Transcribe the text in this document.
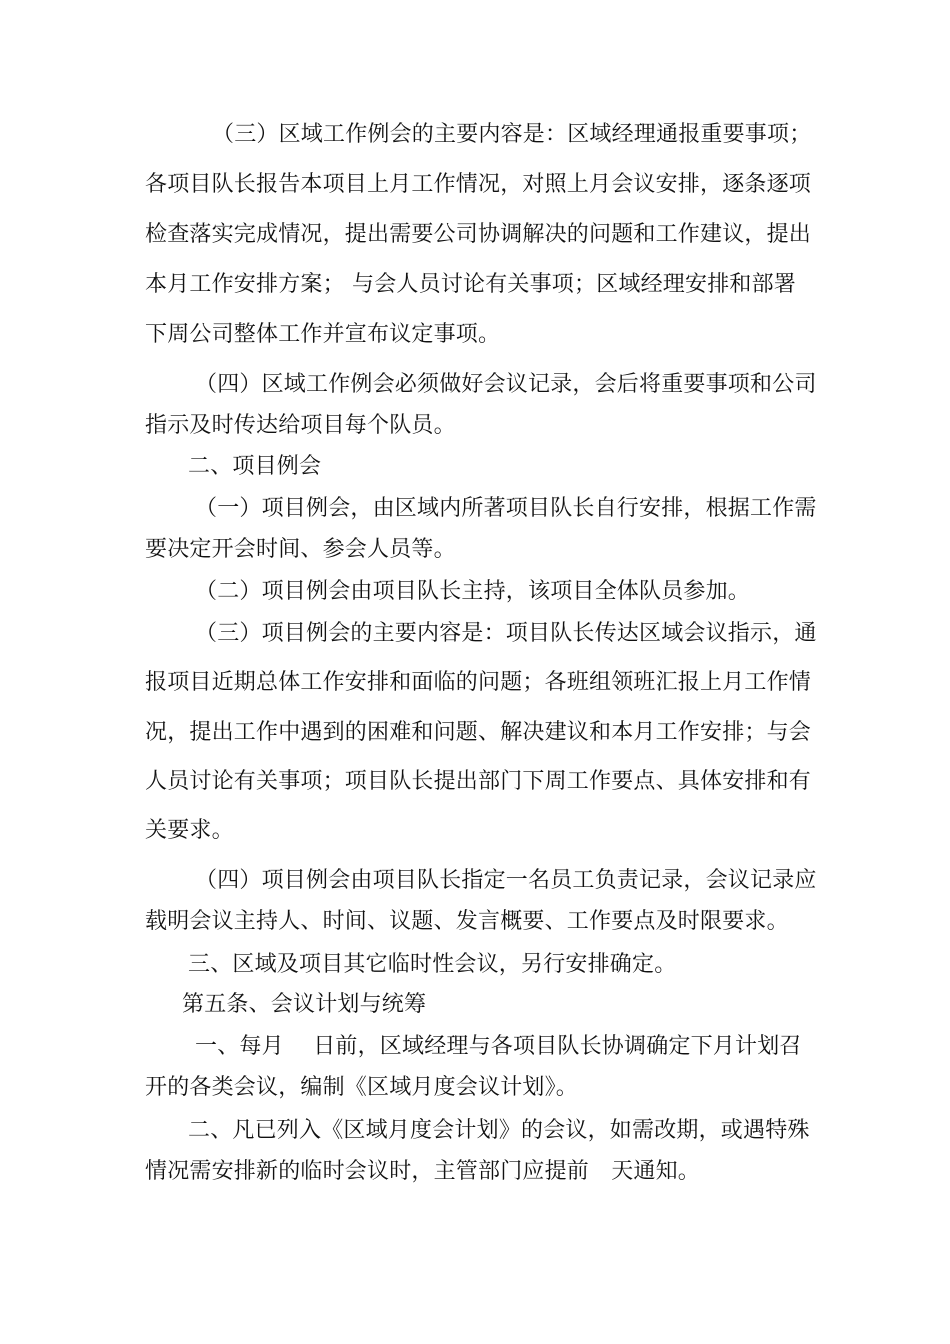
（三）区域工作例会的主要内容是：区域经理通报重要事项；
各项目队长报告本项目上月工作情况，对照上月会议安排，逐条逐项
检查落实完成情况，提出需要公司协调解决的问题和工作建议，提出
本月工作安排方案； 与会人员讨论有关事项；区域经理安排和部署
下周公司整体工作并宣布议定事项。
（四）区域工作例会必须做好会议记录，会后将重要事项和公司
指示及时传达给项目每个队员。
二、项目例会
（一）项目例会，由区域内所著项目队长自行安排，根据工作需
要决定开会时间、参会人员等。
（二）项目例会由项目队长主持，该项目全体队员参加。
（三）项目例会的主要内容是：项目队长传达区域会议指示，通
报项目近期总体工作安排和面临的问题；各班组领班汇报上月工作情
况，提出工作中遇到的困难和问题、解决建议和本月工作安排；与会
人员讨论有关事项；项目队长提出部门下周工作要点、具体安排和有
关要求。
（四）项目例会由项目队长指定一名员工负责记录，会议记录应
载明会议主持人、时间、议题、发言概要、工作要点及时限要求。
三、区域及项目其它临时性会议，另行安排确定。
第五条、会议计划与统筹
一、每月　 日前，区域经理与各项目队长协调确定下月计划召
开的各类会议，编制《区域月度会议计划》。
二、凡已列入《区域月度会计划》的会议，如需改期，或遇特殊
情况需安排新的临时会议时，主管部门应提前　天通知。
